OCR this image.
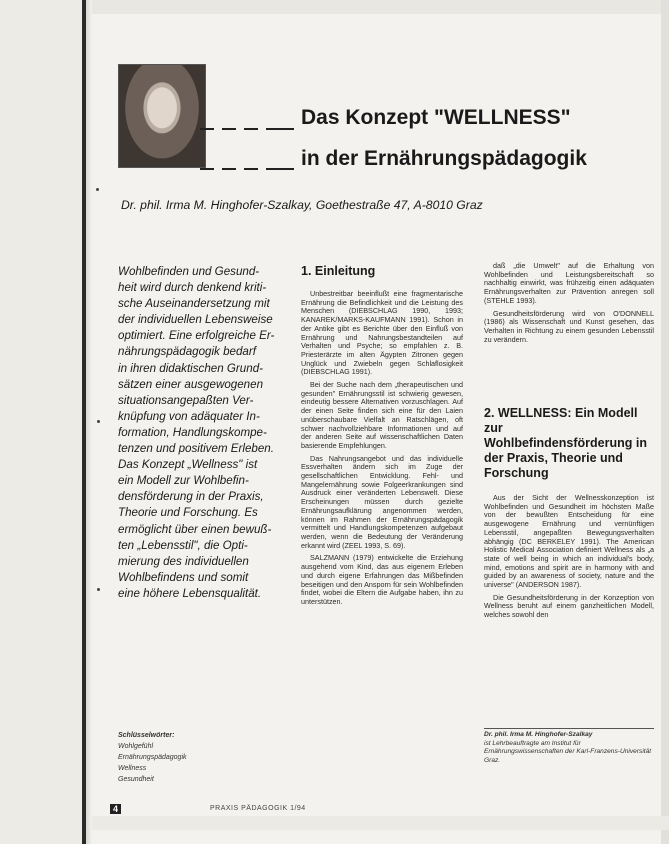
Das Konzept "WELLNESS"
in der Ernährungspädagogik
Dr. phil. Irma M. Hinghofer-Szalkay, Goethestraße 47, A-8010 Graz
Wohlbefinden und Gesund-
heit wird durch denkend kriti-
sche Auseinandersetzung mit
der individuellen Lebensweise
optimiert. Eine erfolgreiche Er-
nährungspädagogik bedarf
in ihren didaktischen Grund-
sätzen einer ausgewogenen
situationsangepaßten Ver-
knüpfung von adäquater In-
formation, Handlungskompe-
tenzen und positivem Erleben.
Das Konzept „Wellness" ist
ein Modell zur Wohlbefin-
densförderung in der Praxis,
Theorie und Forschung. Es
ermöglicht über einen bewuß-
ten „Lebensstil", die Opti-
mierung des individuellen
Wohlbefindens und somit
eine höhere Lebensqualität.
Schlüsselwörter:
Wohlgefühl
Ernährungspädagogik
Wellness
Gesundheit
1. Einleitung

Unbestreitbar beeinflußt eine fragmentarische Ernährung die Befindlichkeit und die Leistung des Menschen (DIEBSCHLAG 1990, 1993; KANAREK/MARKS-KAUFMANN 1991). Schon in der Antike gibt es Berichte über den Einfluß von Ernährung und Nahrungsbestandteilen auf Verhalten und Psyche; so empfahlen z. B. Priesterärzte im alten Ägypten Zitronen gegen Unglück und Zwiebeln gegen Schlaflosigkeit (DIEBSCHLAG 1991).

Bei der Suche nach dem „therapeutischen und gesunden" Ernährungsstil ist schwierig gewesen, eindeutig bessere Alternativen vorzuschlagen. Auf der einen Seite finden sich eine für den Laien unüberschaubare Vielfalt an Ratschlägen, oft schwer nachvollziehbare Informationen und auf der anderen Seite auf wissenschaftlichen Daten basierende Empfehlungen.

Das Nahrungsangebot und das individuelle Essverhalten ändern sich im Zuge der gesellschaftlichen Entwicklung. Fehl- und Mangelernährung sowie Folgeerkrankungen sind Ausdruck einer veränderten Lebenswelt. Diese Erscheinungen müssen durch gezielte Ernährungsaufklärung angenommen werden, können im Rahmen der Ernährungspädagogik vermittelt und Handlungskompetenzen aufgebaut werden, wenn die Bedeutung der Veränderung erkannt wird (ZEEL 1993, S. 69).

SALZMANN (1979) entwickelte die Erziehung ausgehend vom Kind, das aus eigenem Erleben und durch eigene Erfahrungen das Mißbefinden beseitigen und den Ansporn für sein Wohlbefinden findet, wobei die Eltern die Aufgabe haben, ihn zu unterstützen.

daß „die Umwelt" auf die Erhaltung von Wohlbefinden und Leistungsbereitschaft so nachhaltig einwirkt, was frühzeitig einen adäquaten Ernährungsverhalten zur Prävention anregen soll (STEHLE 1993).

Gesundheitsförderung wird von O'DONNELL (1986) als Wissenschaft und Kunst gesehen, das Verhalten in Richtung zu einem gesunden Lebensstil zu verändern.

2. WELLNESS: Ein Modell zur Wohlbefindensförderung in der Praxis, Theorie und Forschung

Aus der Sicht der Wellnesskonzeption ist Wohlbefinden und Gesundheit im höchsten Maße von der bewußten Entscheidung für eine ausgewogene Ernährung und vernünftigen Lebensstil, angepaßten Bewegungsverhalten abhängig (DC BERKELEY 1991). The American Holistic Medical Association definiert Wellness als „a state of well being in which an individual's body, mind, emotions and spirit are in harmony with and guided by an awareness of society, nature and the universe" (ANDERSON 1987).

Die Gesundheitsförderung in der Konzeption von Wellness beruht auf einem ganzheitlichen Modell, welches sowohl den

Dr. phil. Irma M. Hinghofer-Szalkay
ist Lehrbeauftragte am Institut für Ernährungswissenschaften der Karl-Franzens-Universität Graz.
4	PRAXIS PÄDAGOGIK 1/94
